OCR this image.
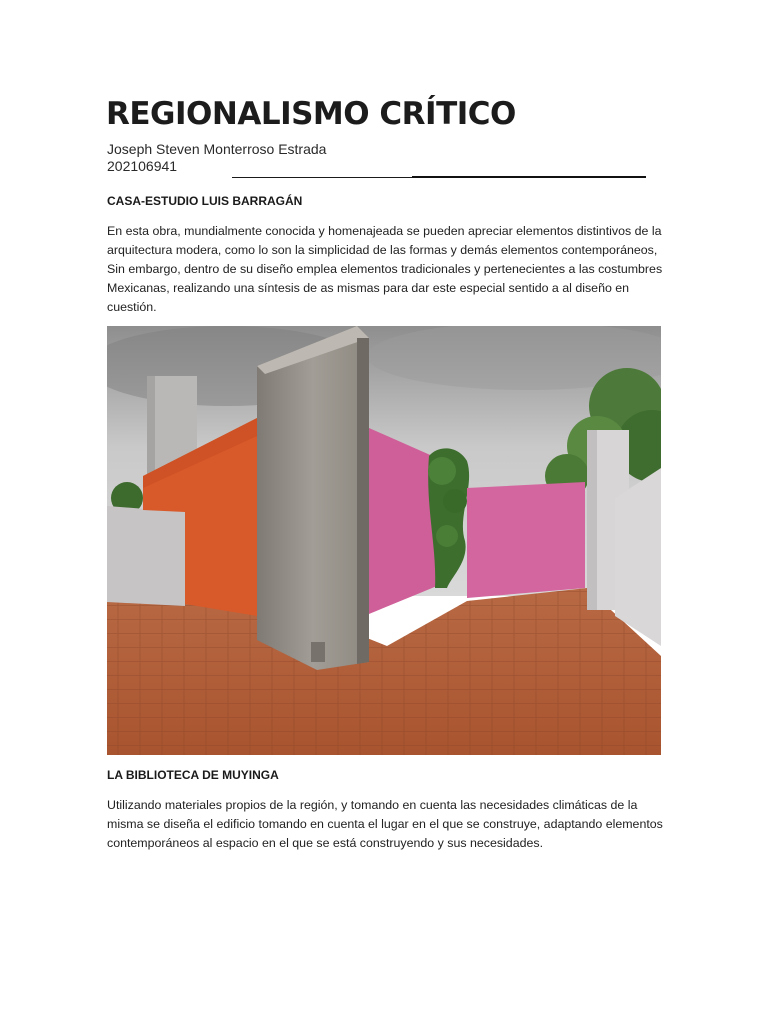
REGIONALISMO CRÍTICO
Joseph Steven Monterroso Estrada
202106941
CASA-ESTUDIO LUIS BARRAGÁN

En esta obra, mundialmente conocida y homenajeada se pueden apreciar elementos distintivos de la arquitectura modera, como lo son la simplicidad de las formas y demás elementos contemporáneos, Sin embargo, dentro de su diseño emplea elementos tradicionales y pertenecientes a las costumbres Mexicanas, realizando una síntesis de as mismas para dar este especial sentido a al diseño en cuestión.

LA BIBLIOTECA DE MUYINGA

Utilizando materiales propios de la región, y tomando en cuenta las necesidades climáticas de la misma se diseña el edificio tomando en cuenta el lugar en el que se construye, adaptando elementos contemporáneos al espacio en el que se está construyendo y sus necesidades.
